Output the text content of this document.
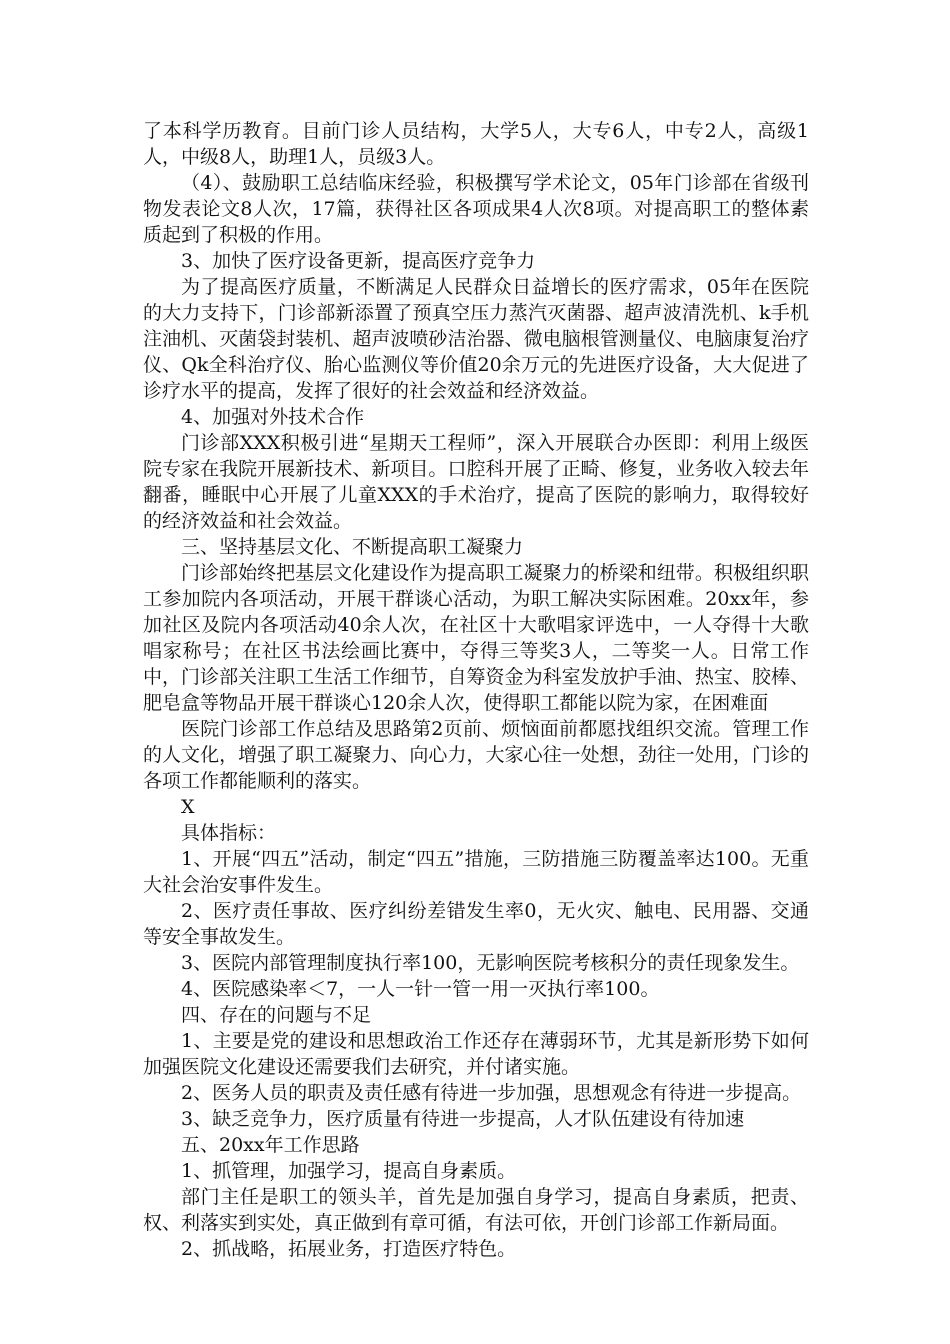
了本科学历教育。目前门诊人员结构，大学5人，大专6人，中专2人，高级1人，中级8人，助理1人，员级3人。

（4）、鼓励职工总结临床经验，积极撰写学术论文，05年门诊部在省级刊物发表论文8人次，17篇，获得社区各项成果4人次8项。对提高职工的整体素质起到了积极的作用。

3、加快了医疗设备更新，提高医疗竞争力

为了提高医疗质量，不断满足人民群众日益增长的医疗需求，05年在医院的大力支持下，门诊部新添置了预真空压力蒸汽灭菌器、超声波清洗机、k手机注油机、灭菌袋封装机、超声波喷砂洁治器、微电脑根管测量仪、电脑康复治疗仪、Qk全科治疗仪、胎心监测仪等价值20余万元的先进医疗设备，大大促进了诊疗水平的提高，发挥了很好的社会效益和经济效益。

4、加强对外技术合作

门诊部XXX积极引进“星期天工程师”，深入开展联合办医即：利用上级医院专家在我院开展新技术、新项目。口腔科开展了正畸、修复，业务收入较去年翻番，睡眠中心开展了儿童XXX的手术治疗，提高了医院的影响力，取得较好的经济效益和社会效益。

三、坚持基层文化、不断提高职工凝聚力

门诊部始终把基层文化建设作为提高职工凝聚力的桥梁和纽带。积极组织职工参加院内各项活动，开展干群谈心活动，为职工解决实际困难。20xx年，参加社区及院内各项活动40余人次，在社区十大歌唱家评选中，一人夺得十大歌唱家称号；在社区书法绘画比赛中，夺得三等奖3人，二等奖一人。日常工作中，门诊部关注职工生活工作细节，自筹资金为科室发放护手油、热宝、胶棒、肥皂盒等物品开展干群谈心120余人次，使得职工都能以院为家，在困难面

医院门诊部工作总结及思路第2页前、烦恼面前都愿找组织交流。管理工作的人文化，增强了职工凝聚力、向心力，大家心往一处想，劲往一处用，门诊的各项工作都能顺利的落实。

X

具体指标：

1、开展“四五”活动，制定“四五”措施，三防措施三防覆盖率达100。无重大社会治安事件发生。

2、医疗责任事故、医疗纠纷差错发生率0，无火灾、触电、民用器、交通等安全事故发生。

3、医院内部管理制度执行率100，无影响医院考核积分的责任现象发生。

4、医院感染率＜7，一人一针一管一用一灭执行率100。

四、存在的问题与不足

1、主要是党的建设和思想政治工作还存在薄弱环节，尤其是新形势下如何加强医院文化建设还需要我们去研究，并付诸实施。

2、医务人员的职责及责任感有待进一步加强，思想观念有待进一步提高。

3、缺乏竞争力，医疗质量有待进一步提高，人才队伍建设有待加速

五、20xx年工作思路

1、抓管理，加强学习，提高自身素质。

部门主任是职工的领头羊，首先是加强自身学习，提高自身素质，把责、权、利落实到实处，真正做到有章可循，有法可依，开创门诊部工作新局面。

2、抓战略，拓展业务，打造医疗特色。
